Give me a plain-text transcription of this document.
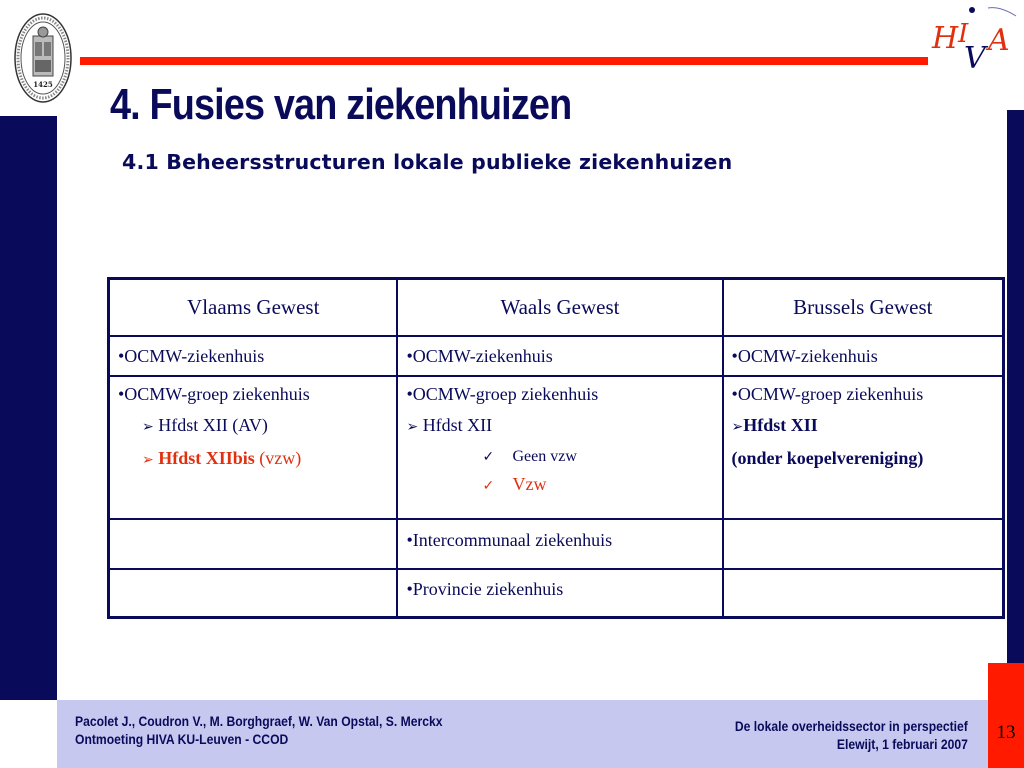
1425
H I
V
A
4. Fusies van ziekenhuizen
4.1 Beheersstructuren lokale publieke ziekenhuizen
Vlaams Gewest	Waals Gewest	Brussels Gewest
•OCMW-ziekenhuis	•OCMW-ziekenhuis	•OCMW-ziekenhuis

•OCMW-groep ziekenhuis
➢ Hfdst XII (AV)
➢ Hfdst XIIbis (vzw)	•OCMW-groep ziekenhuis
➢ Hfdst XII
✓ Geen vzw
✓ Vzw	•OCMW-groep ziekenhuis
➢Hfdst XII
(onder koepelvereniging)

	•Intercommunaal ziekenhuis	
	•Provincie ziekenhuis	
13
Pacolet J., Coudron V., M. Borghgraef, W. Van Opstal, S. Merckx
Ontmoeting HIVA KU-Leuven - CCOD
De lokale overheidssector in perspectief
Elewijt, 1 februari 2007
